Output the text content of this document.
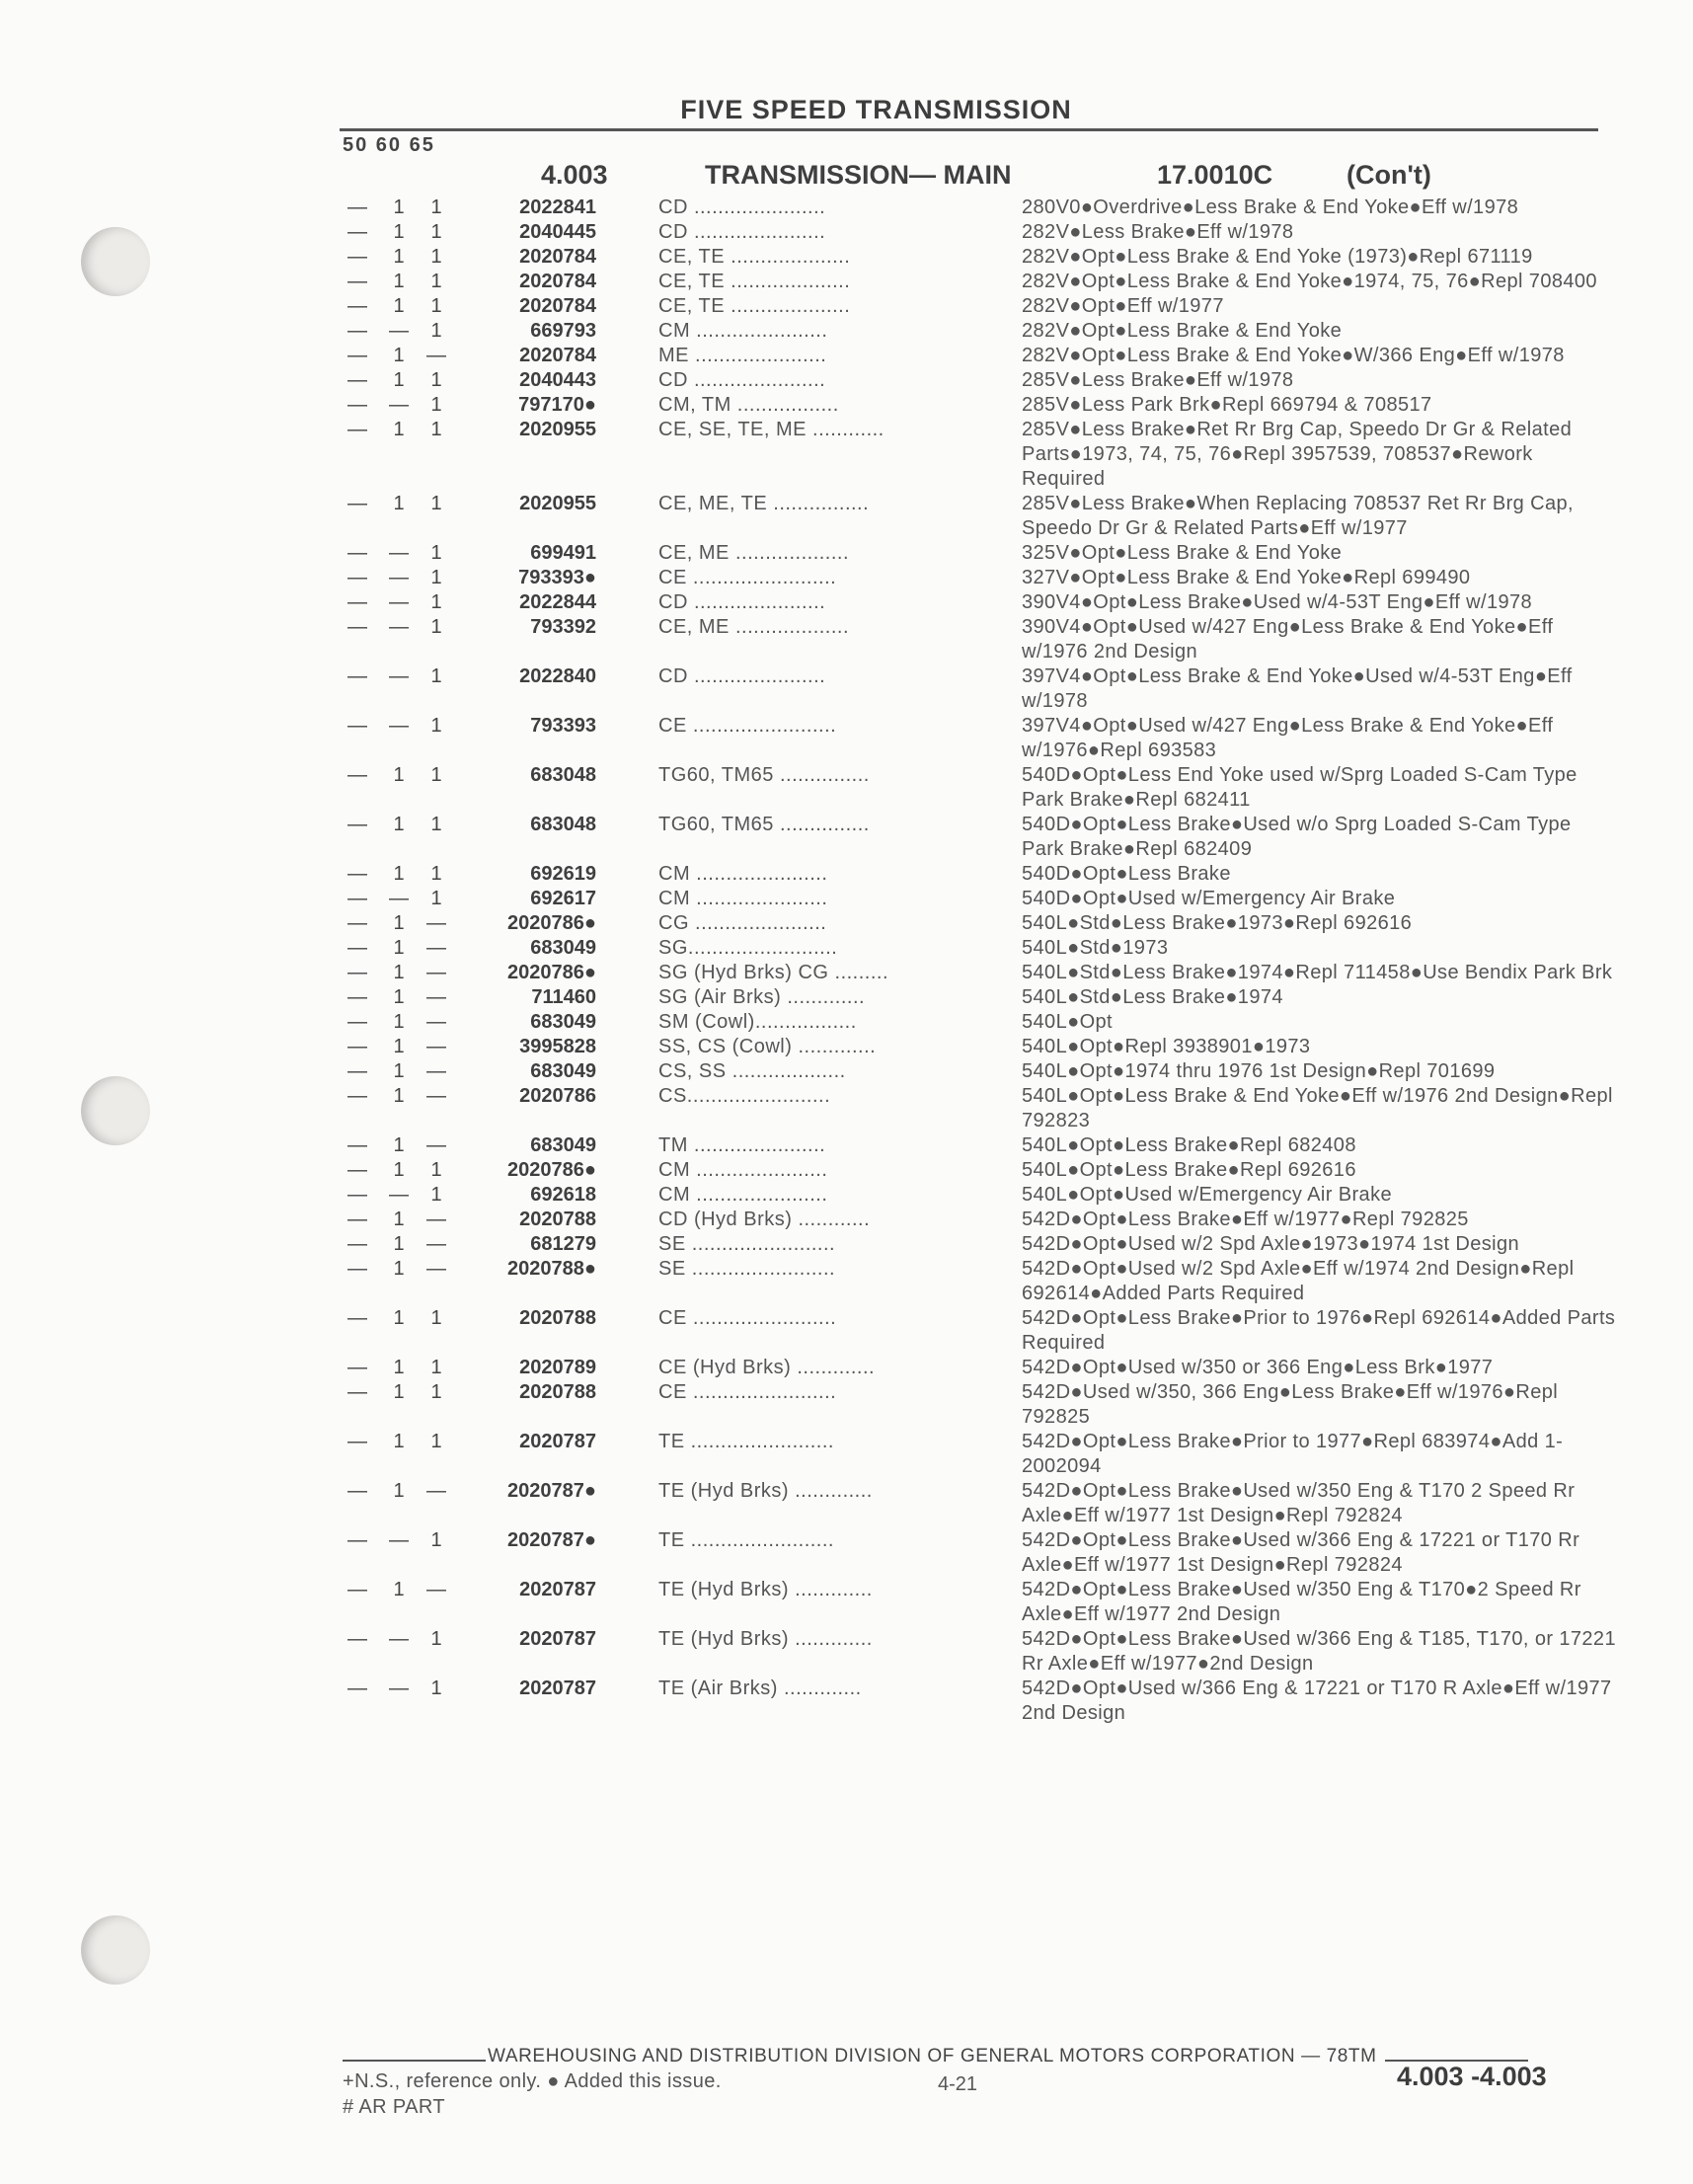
FIVE SPEED TRANSMISSION
50 60 65
4.003	TRANSMISSION— MAIN	17.0010C	(Con't)
—	1	1	2022841	CD ......................	280V0●Overdrive●Less Brake & End Yoke●Eff w/1978
—	1	1	2040445	CD ......................	282V●Less Brake●Eff w/1978
—	1	1	2020784	CE, TE ....................	282V●Opt●Less Brake & End Yoke (1973)●Repl 671119
—	1	1	2020784	CE, TE ....................	282V●Opt●Less Brake & End Yoke●1974, 75, 76●Repl 708400
—	1	1	2020784	CE, TE ....................	282V●Opt●Eff w/1977
— —	1	669793	CM ......................	282V●Opt●Less Brake & End Yoke
—	1	—	2020784	ME ......................	282V●Opt●Less Brake & End Yoke●W/366 Eng●Eff w/1978
—	1	1	2040443	CD ......................	285V●Less Brake●Eff w/1978
— —	1	797170●	CM, TM .................	285V●Less Park Brk●Repl 669794 & 708517
—	1	1	2020955	CE, SE, TE, ME ............	285V●Less Brake●Ret Rr Brg Cap, Speedo Dr Gr & Related Parts●1973, 74, 75, 76●Repl 3957539, 708537●Rework Required
—	1	1	2020955	CE, ME, TE ................	285V●Less Brake●When Replacing 708537 Ret Rr Brg Cap, Speedo Dr Gr & Related Parts●Eff w/1977
— —	1	699491	CE, ME ...................	325V●Opt●Less Brake & End Yoke
— —	1	793393●	CE ........................	327V●Opt●Less Brake & End Yoke●Repl 699490
— —	1	2022844	CD ......................	390V4●Opt●Less Brake●Used w/4-53T Eng●Eff w/1978
— —	1	793392	CE, ME ...................	390V4●Opt●Used w/427 Eng●Less Brake & End Yoke●Eff w/1976 2nd Design
— —	1	2022840	CD ......................	397V4●Opt●Less Brake & End Yoke●Used w/4-53T Eng●Eff w/1978
— —	1	793393	CE ........................	397V4●Opt●Used w/427 Eng●Less Brake & End Yoke●Eff w/1976●Repl 693583
—	1	1	683048	TG60, TM65 ...............	540D●Opt●Less End Yoke used w/Sprg Loaded S-Cam Type Park Brake●Repl 682411
—	1	1	683048	TG60, TM65 ...............	540D●Opt●Less Brake●Used w/o Sprg Loaded S-Cam Type Park Brake●Repl 682409
—	1	1	692619	CM ......................	540D●Opt●Less Brake
— —	1	692617	CM ......................	540D●Opt●Used w/Emergency Air Brake
—	1	—	2020786●	CG ......................	540L●Std●Less Brake●1973●Repl 692616
—	1	—	683049	SG.........................	540L●Std●1973
—	1	—	2020786●	SG (Hyd Brks) CG .........	540L●Std●Less Brake●1974●Repl 711458●Use Bendix Park Brk
—	1	—	711460	SG (Air Brks) .............	540L●Std●Less Brake●1974
—	1	—	683049	SM (Cowl).................	540L●Opt
—	1	—	3995828	SS, CS (Cowl) .............	540L●Opt●Repl 3938901●1973
—	1	—	683049	CS, SS ...................	540L●Opt●1974 thru 1976 1st Design●Repl 701699
—	1	—	2020786	CS........................	540L●Opt●Less Brake & End Yoke●Eff w/1976 2nd Design●Repl 792823
—	1	—	683049	TM ......................	540L●Opt●Less Brake●Repl 682408
—	1	1	2020786●	CM ......................	540L●Opt●Less Brake●Repl 692616
— —	1	692618	CM ......................	540L●Opt●Used w/Emergency Air Brake
—	1	—	2020788	CD (Hyd Brks) ............	542D●Opt●Less Brake●Eff w/1977●Repl 792825
—	1	—	681279	SE ........................	542D●Opt●Used w/2 Spd Axle●1973●1974 1st Design
—	1	—	2020788●	SE ........................	542D●Opt●Used w/2 Spd Axle●Eff w/1974 2nd Design●Repl 692614●Added Parts Required
—	1	1	2020788	CE ........................	542D●Opt●Less Brake●Prior to 1976●Repl 692614●Added Parts Required
—	1	1	2020789	CE (Hyd Brks) .............	542D●Opt●Used w/350 or 366 Eng●Less Brk●1977
—	1	1	2020788	CE ........................	542D●Used w/350, 366 Eng●Less Brake●Eff w/1976●Repl 792825
—	1	1	2020787	TE ........................	542D●Opt●Less Brake●Prior to 1977●Repl 683974●Add 1-2002094
—	1	—	2020787●	TE (Hyd Brks) .............	542D●Opt●Less Brake●Used w/350 Eng & T170 2 Speed Rr Axle●Eff w/1977 1st Design●Repl 792824
— —	1	2020787●	TE ........................	542D●Opt●Less Brake●Used w/366 Eng & 17221 or T170 Rr Axle●Eff w/1977 1st Design●Repl 792824
—	1	—	2020787	TE (Hyd Brks) .............	542D●Opt●Less Brake●Used w/350 Eng & T170●2 Speed Rr Axle●Eff w/1977 2nd Design
— —	1	2020787	TE (Hyd Brks) .............	542D●Opt●Less Brake●Used w/366 Eng & T185, T170, or 17221 Rr Axle●Eff w/1977●2nd Design
— —	1	2020787	TE (Air Brks) .............	542D●Opt●Used w/366 Eng & 17221 or T170 R Axle●Eff w/1977 2nd Design
WAREHOUSING AND DISTRIBUTION DIVISION OF GENERAL MOTORS CORPORATION — 78TM
+N.S., reference only. ● Added this issue.
# AR PART
4-21	4.003 -4.003
